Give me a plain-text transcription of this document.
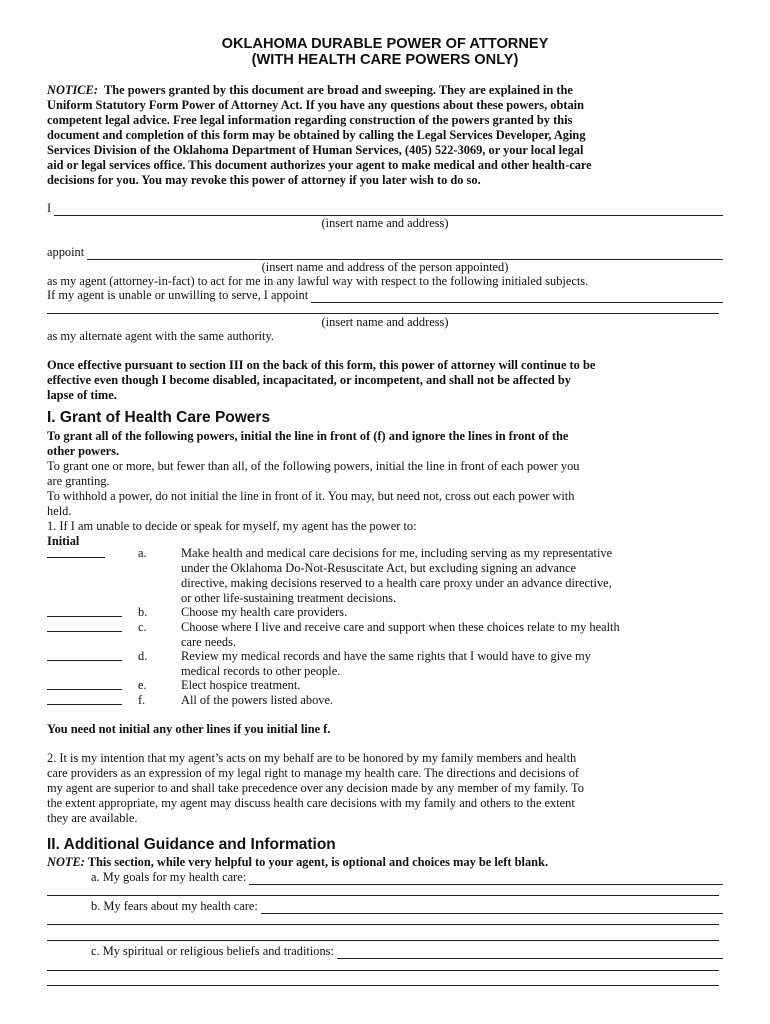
OKLAHOMA DURABLE POWER OF ATTORNEY
(WITH HEALTH CARE POWERS ONLY)
NOTICE: The powers granted by this document are broad and sweeping. They are explained in the
Uniform Statutory Form Power of Attorney Act. If you have any questions about these powers, obtain
competent legal advice. Free legal information regarding construction of the powers granted by this
document and completion of this form may be obtained by calling the Legal Services Developer, Aging
Services Division of the Oklahoma Department of Human Services, (405) 522-3069, or your local legal
aid or legal services office. This document authorizes your agent to make medical and other health-care
decisions for you. You may revoke this power of attorney if you later wish to do so.
I
(insert name and address)
appoint
(insert name and address of the person appointed)
as my agent (attorney-in-fact) to act for me in any lawful way with respect to the following initialed subjects.
If my agent is unable or unwilling to serve, I appoint
(insert name and address)
as my alternate agent with the same authority.
Once effective pursuant to section III on the back of this form, this power of attorney will continue to be
effective even though I become disabled, incapacitated, or incompetent, and shall not be affected by
lapse of time.
I. Grant of Health Care Powers
To grant all of the following powers, initial the line in front of (f) and ignore the lines in front of the
other powers.
To grant one or more, but fewer than all, of the following powers, initial the line in front of each power you
are granting.
To withhold a power, do not initial the line in front of it. You may, but need not, cross out each power with
held.
1. If I am unable to decide or speak for myself, my agent has the power to:
Initial
a.	Make health and medical care decisions for me, including serving as my representative
under the Oklahoma Do-Not-Resuscitate Act, but excluding signing an advance
directive, making decisions reserved to a health care proxy under an advance directive,
or other life-sustaining treatment decisions.
b.	Choose my health care providers.
c.	Choose where I live and receive care and support when these choices relate to my health
care needs.
d.	Review my medical records and have the same rights that I would have to give my
medical records to other people.
e.	Elect hospice treatment.
f.	All of the powers listed above.
You need not initial any other lines if you initial line f.
2. It is my intention that my agent’s acts on my behalf are to be honored by my family members and health
care providers as an expression of my legal right to manage my health care. The directions and decisions of
my agent are superior to and shall take precedence over any decision made by any member of my family. To
the extent appropriate, my agent may discuss health care decisions with my family and others to the extent
they are available.
II. Additional Guidance and Information
NOTE: This section, while very helpful to your agent, is optional and choices may be left blank.
a. My goals for my health care:
b. My fears about my health care:
c. My spiritual or religious beliefs and traditions:
